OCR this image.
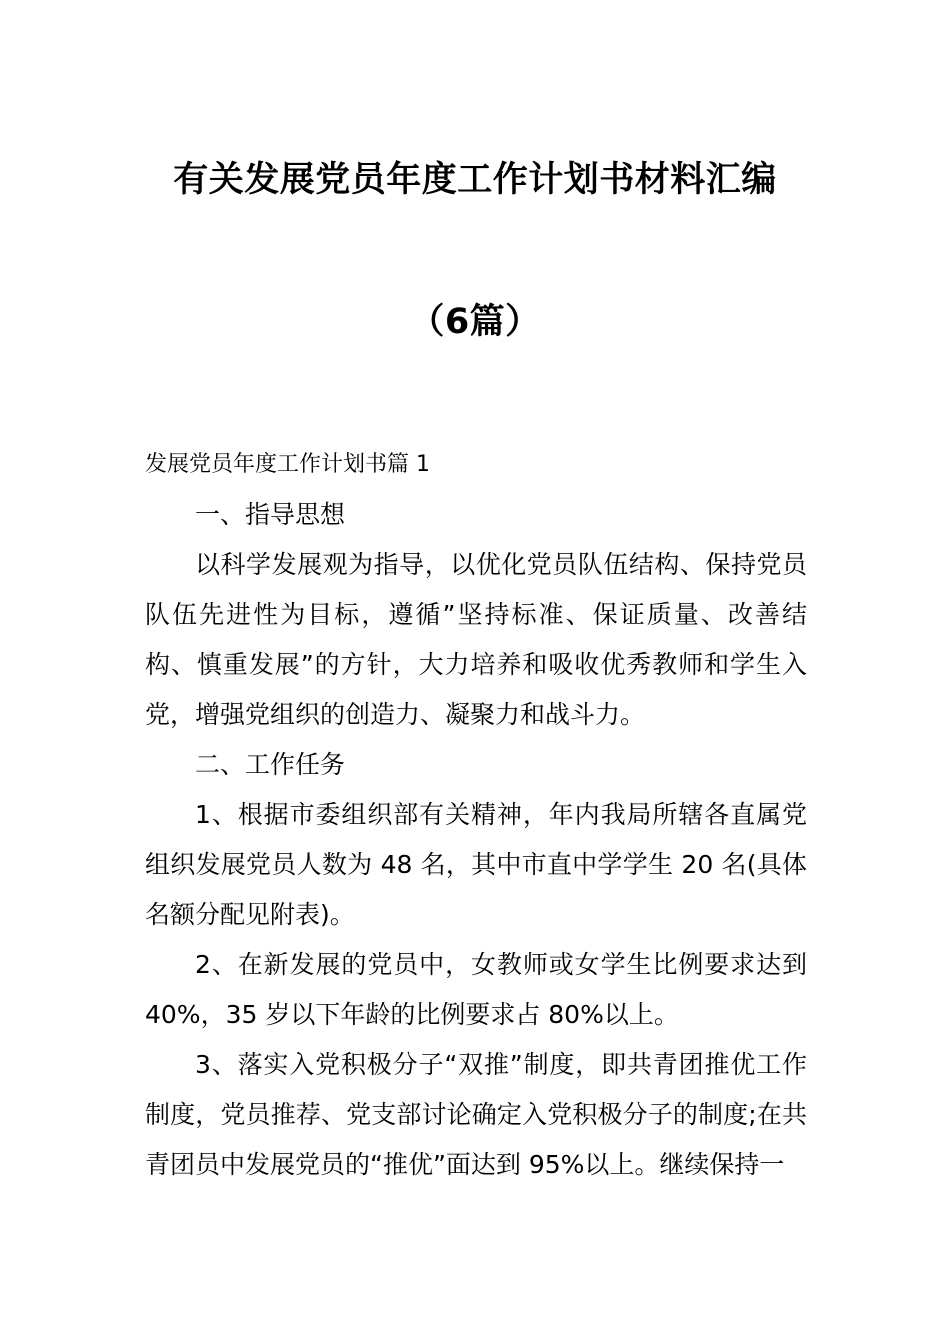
有关发展党员年度工作计划书材料汇编
（6篇）

发展党员年度工作计划书篇 1

一、指导思想

以科学发展观为指导，以优化党员队伍结构、保持党员队伍先进性为目标，遵循”坚持标准、保证质量、改善结构、慎重发展”的方针，大力培养和吸收优秀教师和学生入党，增强党组织的创造力、凝聚力和战斗力。

二、工作任务

1、根据市委组织部有关精神，年内我局所辖各直属党组织发展党员人数为 48 名，其中市直中学学生 20 名(具体名额分配见附表)。

2、在新发展的党员中，女教师或女学生比例要求达到 40%，35 岁以下年龄的比例要求占 80%以上。

3、落实入党积极分子“双推”制度，即共青团推优工作制度，党员推荐、党支部讨论确定入党积极分子的制度;在共青团员中发展党员的“推优”面达到 95%以上。继续保持一
